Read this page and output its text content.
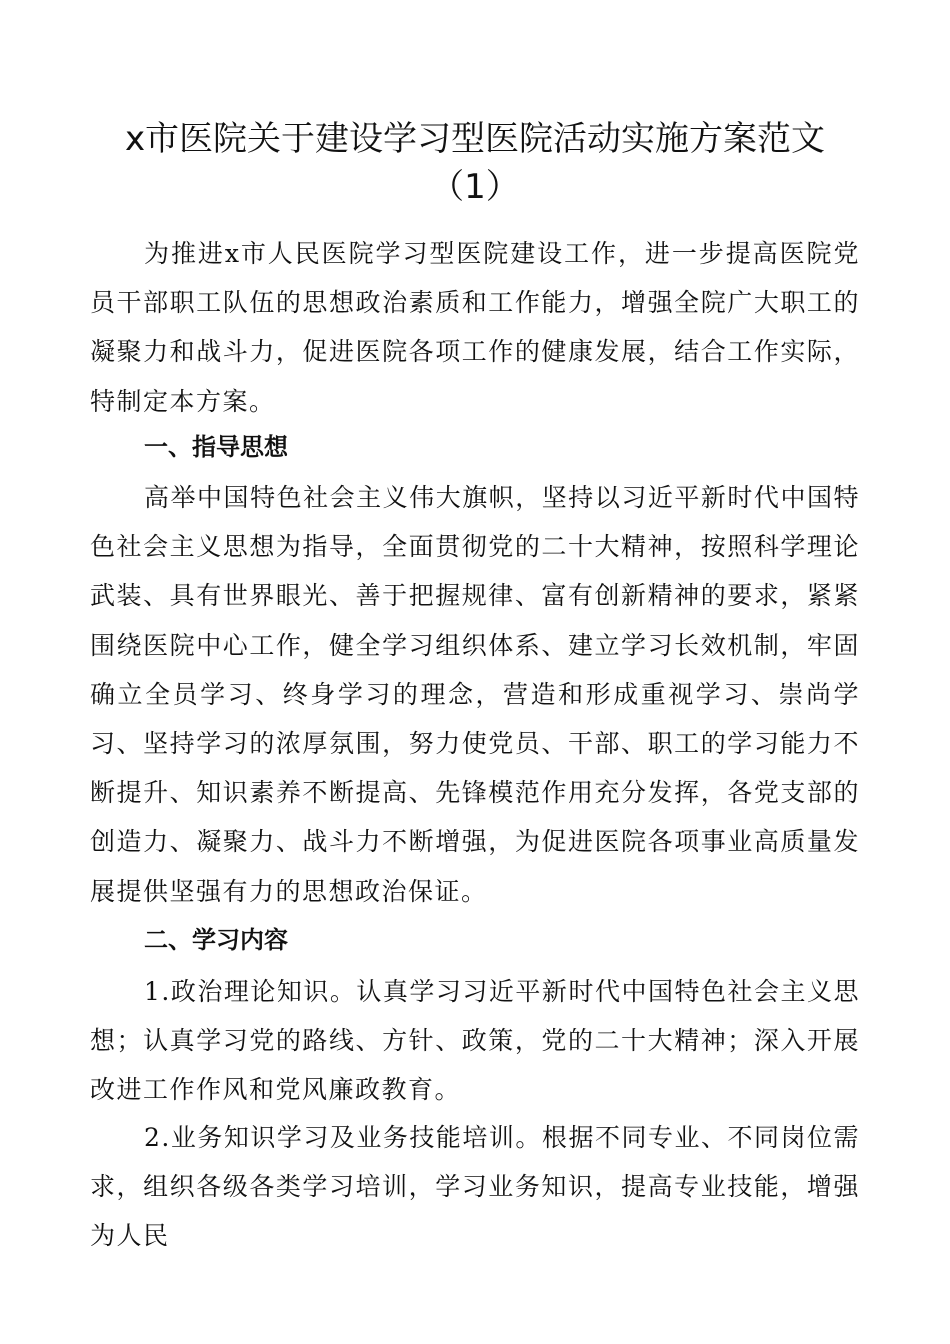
x市医院关于建设学习型医院活动实施方案范文
（1）

为推进x市人民医院学习型医院建设工作，进一步提高医院党员干部职工队伍的思想政治素质和工作能力，增强全院广大职工的凝聚力和战斗力，促进医院各项工作的健康发展，结合工作实际，特制定本方案。

一、指导思想

高举中国特色社会主义伟大旗帜，坚持以习近平新时代中国特色社会主义思想为指导，全面贯彻党的二十大精神，按照科学理论武装、具有世界眼光、善于把握规律、富有创新精神的要求，紧紧围绕医院中心工作，健全学习组织体系、建立学习长效机制，牢固确立全员学习、终身学习的理念，营造和形成重视学习、崇尚学习、坚持学习的浓厚氛围，努力使党员、干部、职工的学习能力不断提升、知识素养不断提高、先锋模范作用充分发挥，各党支部的创造力、凝聚力、战斗力不断增强，为促进医院各项事业高质量发展提供坚强有力的思想政治保证。

二、学习内容

1.政治理论知识。认真学习习近平新时代中国特色社会主义思想；认真学习党的路线、方针、政策，党的二十大精神；深入开展改进工作作风和党风廉政教育。

2.业务知识学习及业务技能培训。根据不同专业、不同岗位需求，组织各级各类学习培训，学习业务知识，提高专业技能，增强为人民
